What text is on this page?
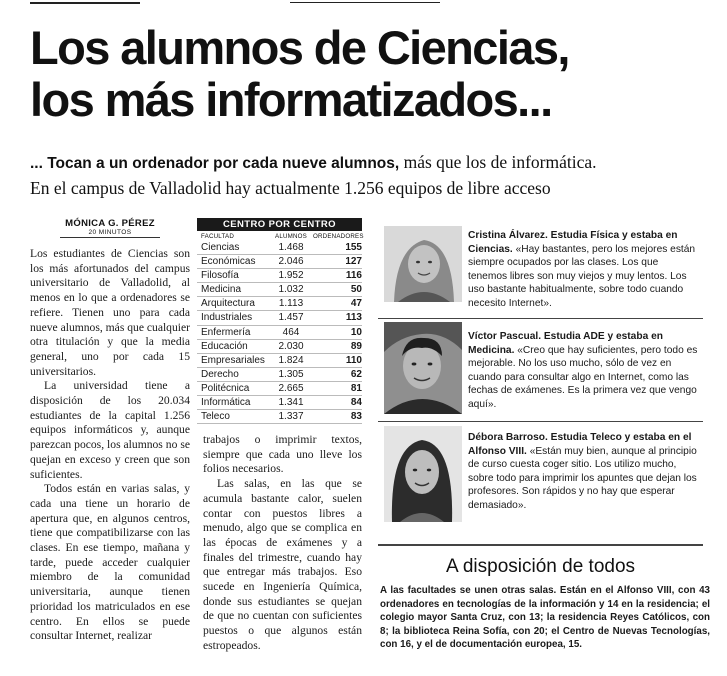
Los alumnos de Ciencias,
los más informatizados...
... Tocan a un ordenador por cada nueve alumnos, más que los de informática.
En el campus de Valladolid hay actualmente 1.256 equipos de libre acceso
MÓNICA G. PÉREZ
20 MINUTOS

Los estudiantes de Ciencias son los más afortunados del campus universitario de Valladolid, al menos en lo que a ordenadores se refiere. Tienen uno para cada nueve alumnos, más que cualquier otra titulación y que la media general, uno por cada 15 universitarios.

La universidad tiene a disposición de los 20.034 estudiantes de la capital 1.256 equipos informáticos y, aunque parezcan pocos, los alumnos no se quejan en exceso y creen que son suficientes.

Todos están en varias salas, y cada una tiene un horario de apertura que, en algunos centros, tiene que compatibilizarse con las clases. En ese tiempo, mañana y tarde, puede acceder cualquier miembro de la comunidad universitaria, aunque tienen prioridad los matriculados en ese centro. En ellos se puede consultar Internet, realizar

CENTRO POR CENTRO
FACULTAD	ALUMNOS ORDENADORES
Ciencias	1.468	155
Económicas	2.046	127
Filosofía	1.952	116
Medicina	1.032	50
Arquitectura	1.113	47
Industriales	1.457	113
Enfermería	464	10
Educación	2.030	89
Empresariales	1.824	110
Derecho	1.305	62
Politécnica	2.665	81
Informática	1.341	84
Teleco	1.337	83

trabajos o imprimir textos, siempre que cada uno lleve los folios necesarios.

Las salas, en las que se acumula bastante calor, suelen contar con puestos libres a menudo, algo que se complica en las épocas de exámenes y a finales del trimestre, cuando hay que entregar más trabajos. Eso sucede en Ingeniería Química, donde sus estudiantes se quejan de que no cuentan con suficientes puestos o que algunos están estropeados.

Cristina Álvarez. Estudia Física y estaba en Ciencias. «Hay bastantes, pero los mejores están siempre ocupados por las clases. Los que tenemos libres son muy viejos y muy lentos. Los uso bastante habitualmente, sobre todo cuando necesito Internet».
Víctor Pascual. Estudia ADE y estaba en Medicina. «Creo que hay suficientes, pero todo es mejorable. No los uso mucho, sólo de vez en cuando para consultar algo en Internet, como las fechas de exámenes. Es la primera vez que vengo aquí».
Débora Barroso. Estudia Teleco y estaba en el Alfonso VIII. «Están muy bien, aunque al principio de curso cuesta coger sitio. Los utilizo mucho, sobre todo para imprimir los apuntes que dejan los profesores. Son rápidos y no hay que esperar demasiado».
A disposición de todos
A las facultades se unen otras salas. Están en el Alfonso VIII, con 43 ordenadores en tecnologías de la información y 14 en la residencia; el colegio mayor Santa Cruz, con 13; la residencia Reyes Católicos, con 8; la biblioteca Reina Sofía, con 20; el Centro de Nuevas Tecnologías, con 16, y el de documentación europea, 15.
